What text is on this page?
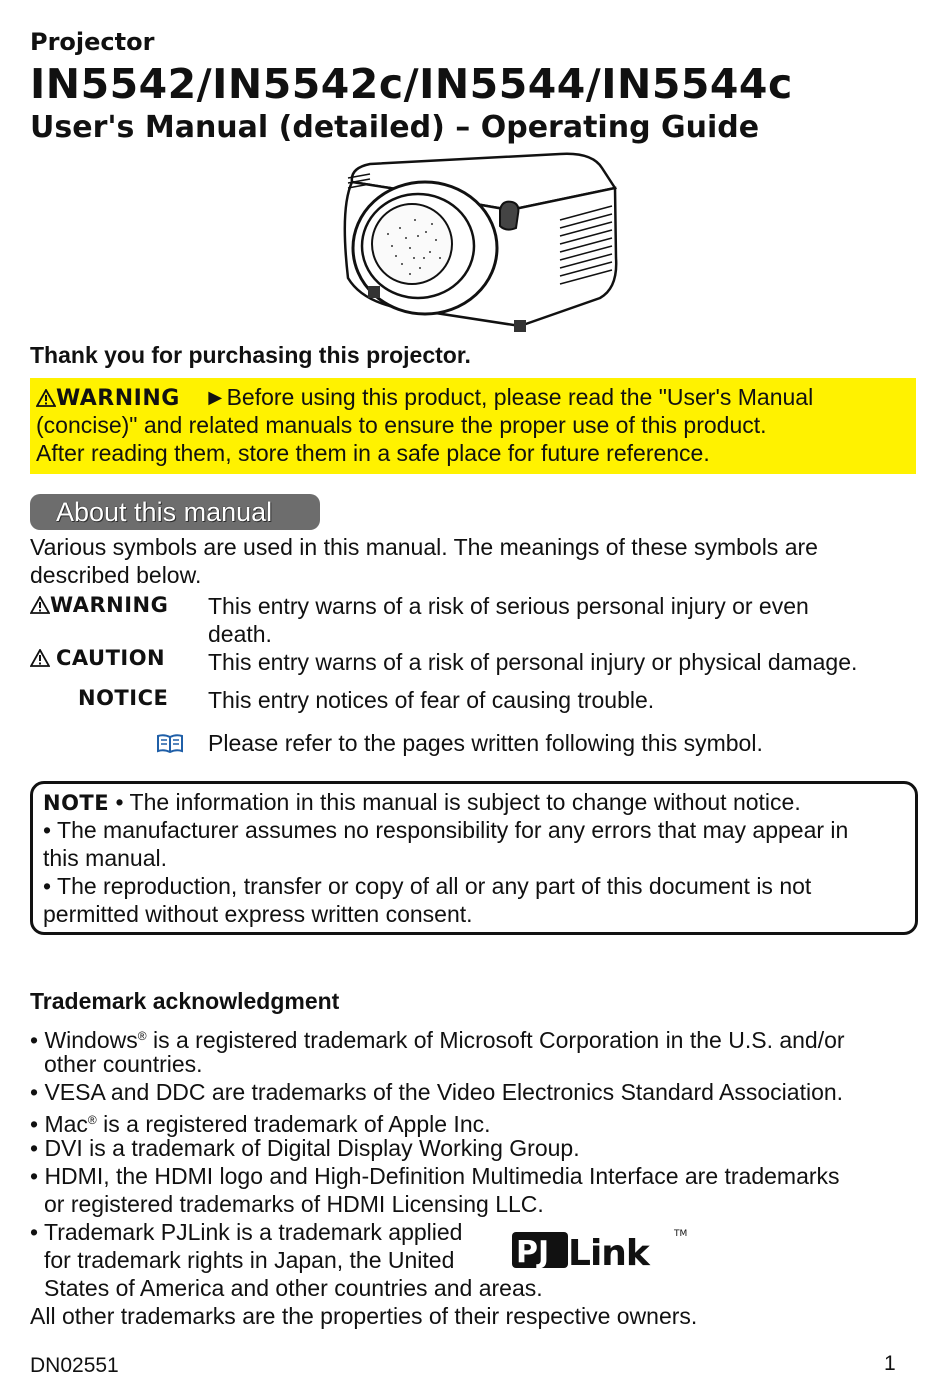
Projector
IN5542/IN5542c/IN5544/IN5544c
User's Manual (detailed) – Operating Guide
Thank you for purchasing this projector.
WARNING ►Before using this product, please read the "User's Manual
(concise)" and related manuals to ensure the proper use of this product.
After reading them, store them in a safe place for future reference.
About this manual
Various symbols are used in this manual. The meanings of these symbols are
described below.
WARNING This entry warns of a risk of serious personal injury or even
death.
CAUTION This entry warns of a risk of personal injury or physical damage.
NOTICE This entry notices of fear of causing trouble.
Please refer to the pages written following this symbol.
NOTE • The information in this manual is subject to change without notice.
• The manufacturer assumes no responsibility for any errors that may appear in
this manual.
• The reproduction, transfer or copy of all or any part of this document is not
permitted without express written consent.
Trademark acknowledgment
• Windows® is a registered trademark of Microsoft Corporation in the U.S. and/or
other countries.
• VESA and DDC are trademarks of the Video Electronics Standard Association.
• Mac® is a registered trademark of Apple Inc.
• DVI is a trademark of Digital Display Working Group.
• HDMI, the HDMI logo and High-Definition Multimedia Interface are trademarks
or registered trademarks of HDMI Licensing LLC.
• Trademark PJLink is a trademark applied
for trademark rights in Japan, the United
States of America and other countries and areas.
All other trademarks are the properties of their respective owners.
PJ Link	TM
DN02551	1
